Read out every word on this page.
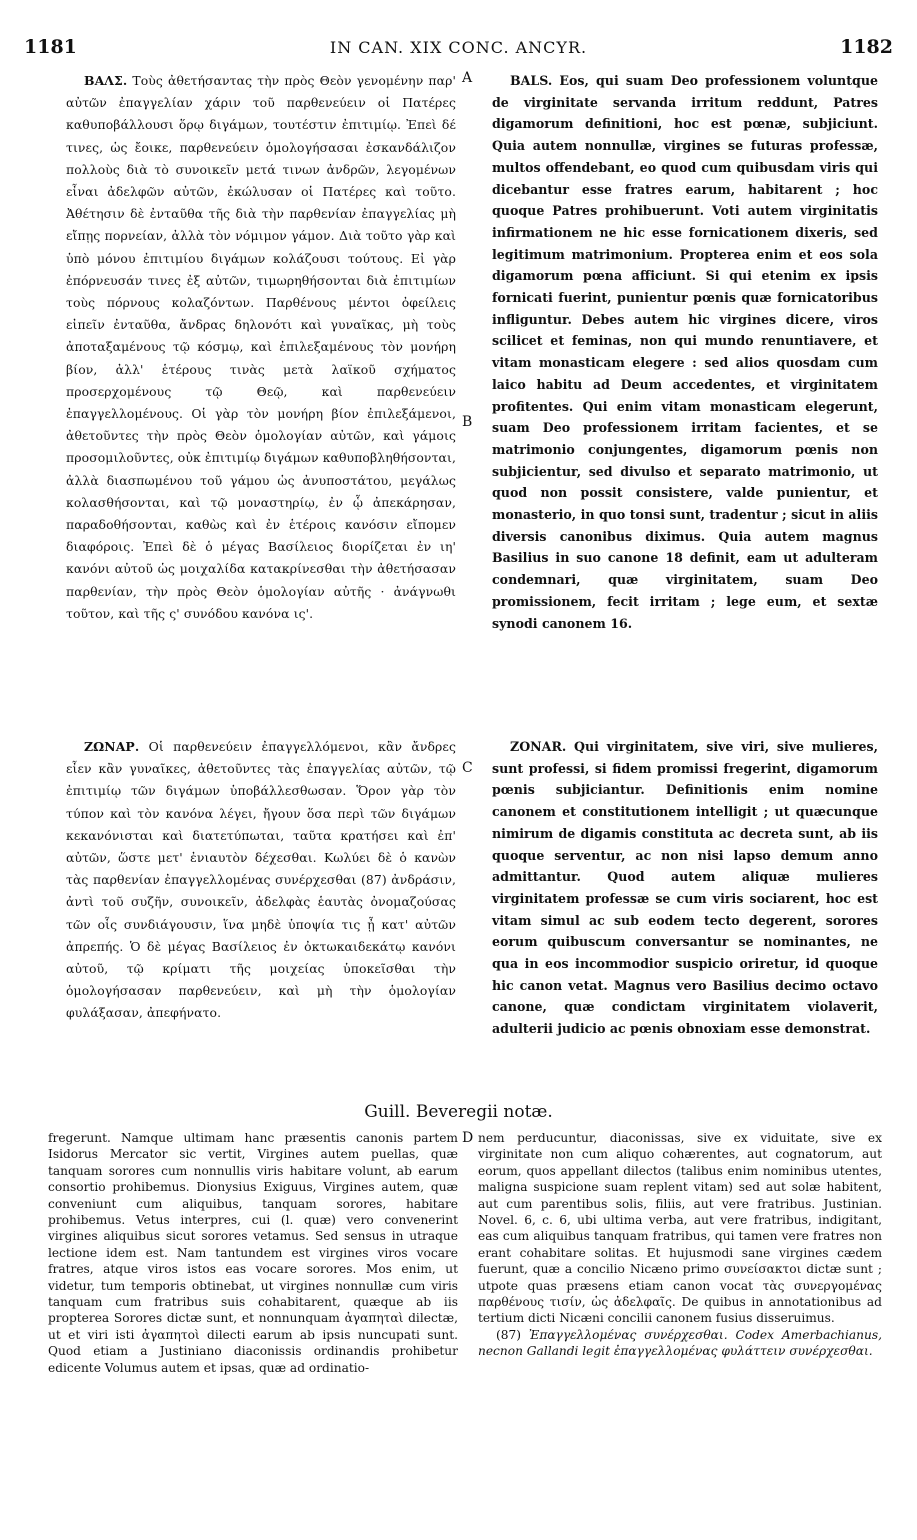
1181	IN CAN. XIX CONC. ANCYR.	1182

ΒΑΛΣ. Τοὺς ἀθετήσαντας τὴν πρὸς Θεὸν γενομένην παρ' αὐτῶν ἐπαγγελίαν χάριν τοῦ παρθενεύειν οἱ Πατέρες καθυποβάλλουσι ὅρῳ διγάμων, τουτέστιν ἐπιτιμίῳ. Ἐπεὶ δέ τινες, ὡς ἔοικε, παρθενεύειν ὁμολογήσασαι ἐσκανδάλιζον πολλοὺς διὰ τὸ συνοικεῖν μετά τινων ἀνδρῶν, λεγομένων εἶναι ἀδελφῶν αὐτῶν, ἐκώλυσαν οἱ Πατέρες καὶ τοῦτο. Ἀθέτησιν δὲ ἐνταῦθα τῆς διὰ τὴν παρθενίαν ἐπαγγελίας μὴ εἴπῃς πορνείαν, ἀλλὰ τὸν νόμιμον γάμον. Διὰ τοῦτο γὰρ καὶ ὑπὸ μόνου ἐπιτιμίου διγάμων κολάζουσι τούτους. Εἰ γὰρ ἐπόρνευσάν τινες ἐξ αὐτῶν, τιμωρηθήσονται διὰ ἐπιτιμίων τοὺς πόρνους κολαζόντων. Παρθένους μέντοι ὀφείλεις εἰπεῖν ἐνταῦθα, ἄνδρας δηλονότι καὶ γυναῖκας, μὴ τοὺς ἀποταξαμένους τῷ κόσμῳ, καὶ ἐπιλεξαμένους τὸν μονήρη βίον, ἀλλ' ἑτέρους τινὰς μετὰ λαϊκοῦ σχήματος προσερχομένους τῷ Θεῷ, καὶ παρθενεύειν ἐπαγγελλομένους. Οἱ γὰρ τὸν μονήρη βίον ἐπιλεξάμενοι, ἀθετοῦντες τὴν πρὸς Θεὸν ὁμολογίαν αὐτῶν, καὶ γάμοις προσομιλοῦντες, οὐκ ἐπιτιμίῳ διγάμων καθυποβληθήσονται, ἀλλὰ διασπωμένου τοῦ γάμου ὡς ἀνυποστάτου, μεγάλως κολασθήσονται, καὶ τῷ μοναστηρίῳ, ἐν ᾧ ἀπεκάρησαν, παραδοθήσονται, καθὼς καὶ ἐν ἑτέροις κανόσιν εἴπομεν διαφόροις. Ἐπεὶ δὲ ὁ μέγας Βασίλειος διορίζεται ἐν ιη' κανόνι αὐτοῦ ὡς μοιχαλίδα κατακρίνεσθαι τὴν ἀθετήσασαν παρθενίαν, τὴν πρὸς Θεὸν ὁμολογίαν αὐτῆς · ἀνάγνωθι τοῦτον, καὶ τῆς ς' συνόδου κανόνα ις'.

ΖΩΝΑΡ. Οἱ παρθενεύειν ἐπαγγελλόμενοι, κἂν ἄνδρες εἶεν κἂν γυναῖκες, ἀθετοῦντες τὰς ἐπαγγελίας αὐτῶν, τῷ ἐπιτιμίῳ τῶν διγάμων ὑποβάλλεσθωσαν. Ὅρον γὰρ τὸν τύπον καὶ τὸν κανόνα λέγει, ἤγουν ὅσα περὶ τῶν διγάμων κεκανόνισται καὶ διατετύπωται, ταῦτα κρατήσει καὶ ἐπ' αὐτῶν, ὥστε μετ' ἐνιαυτὸν δέχεσθαι. Κωλύει δὲ ὁ κανὼν τὰς παρθενίαν ἐπαγγελλομένας συνέρχεσθαι (87) ἀνδράσιν, ἀντὶ τοῦ συζῆν, συνοικεῖν, ἀδελφὰς ἑαυτὰς ὀνομαζούσας τῶν οἷς συνδιάγουσιν, ἵνα μηδὲ ὑποψία τις ᾖ κατ' αὐτῶν ἀπρεπής. Ὁ δὲ μέγας Βασίλειος ἐν ὀκτωκαιδεκάτῳ κανόνι αὐτοῦ, τῷ κρίματι τῆς μοιχείας ὑποκεῖσθαι τὴν ὁμολογήσασαν παρθενεύειν, καὶ μὴ τὴν ὁμολογίαν φυλάξασαν, ἀπεφήνατο.

BALS. Eos, qui suam Deo professionem voluntque de virginitate servanda irritum reddunt, Patres digamorum definitioni, hoc est pœnæ, subjiciunt. Quia autem nonnullæ, virgines se futuras professæ, multos offendebant, eo quod cum quibusdam viris qui dicebantur esse fratres earum, habitarent ; hoc quoque Patres prohibuerunt. Voti autem virginitatis infirmationem ne hic esse fornicationem dixeris, sed legitimum matrimonium. Propterea enim et eos sola digamorum pœna afficiunt. Si qui etenim ex ipsis fornicati fuerint, punientur pœnis quæ fornicatoribus infliguntur. Debes autem hic virgines dicere, viros scilicet et feminas, non qui mundo renuntiavere, et vitam monasticam elegere : sed alios quosdam cum laico habitu ad Deum accedentes, et virginitatem profitentes. Qui enim vitam monasticam elegerunt, suam Deo professionem irritam facientes, et se matrimonio conjungentes, digamorum pœnis non subjicientur, sed divulso et separato matrimonio, ut quod non possit consistere, valde punientur, et monasterio, in quo tonsi sunt, tradentur ; sicut in aliis diversis canonibus diximus. Quia autem magnus Basilius in suo canone 18 definit, eam ut adulteram condemnari, quæ virginitatem, suam Deo promissionem, fecit irritam ; lege eum, et sextæ synodi canonem 16.

ZONAR. Qui virginitatem, sive viri, sive mulieres, sunt professi, si fidem promissi fregerint, digamorum pœnis subjiciantur. Definitionis enim nomine canonem et constitutionem intelligit ; ut quæcunque nimirum de digamis constituta ac decreta sunt, ab iis quoque serventur, ac non nisi lapso demum anno admittantur. Quod autem aliquæ mulieres virginitatem professæ se cum viris sociarent, hoc est vitam simul ac sub eodem tecto degerent, sorores eorum quibuscum conversantur se nominantes, ne qua in eos incommodior suspicio oriretur, id quoque hic canon vetat. Magnus vero Basilius decimo octavo canone, quæ condictam virginitatem violaverit, adulterii judicio ac pœnis obnoxiam esse demonstrat.

A
B
C
D
Guill. Beveregii notæ.

fregerunt. Namque ultimam hanc præsentis canonis partem Isidorus Mercator sic vertit, Virgines autem puellas, quæ tanquam sorores cum nonnullis viris habitare volunt, ab earum consortio prohibemus. Dionysius Exiguus, Virgines autem, quæ conveniunt cum aliquibus, tanquam sorores, habitare prohibemus. Vetus interpres, cui (l. quæ) vero convenerint virgines aliquibus sicut sorores vetamus. Sed sensus in utraque lectione idem est. Nam tantundem est virgines viros vocare fratres, atque viros istos eas vocare sorores. Mos enim, ut videtur, tum temporis obtinebat, ut virgines nonnullæ cum viris tanquam cum fratribus suis cohabitarent, quæque ab iis propterea Sorores dictæ sunt, et nonnunquam ἀγαπηταὶ dilectæ, ut et viri isti ἀγαπητοὶ dilecti earum ab ipsis nuncupati sunt. Quod etiam a Justiniano diaconissis ordinandis prohibetur edicente Volumus autem et ipsas, quæ ad ordinatio-

nem perducuntur, diaconissas, sive ex viduitate, sive ex virginitate non cum aliquo cohærentes, aut cognatorum, aut eorum, quos appellant dilectos (talibus enim nominibus utentes, maligna suspicione suam replent vitam) sed aut solæ habitent, aut cum parentibus solis, filiis, aut vere fratribus. Justinian. Novel. 6, c. 6, ubi ultima verba, aut vere fratribus, indigitant, eas cum aliquibus tanquam fratribus, qui tamen vere fratres non erant cohabitare solitas. Et hujusmodi sane virgines cædem fuerunt, quæ a concilio Nicæno primo συνείσακτοι dictæ sunt ; utpote quas præsens etiam canon vocat τὰς συνεργομένας παρθένους τισίν, ὡς ἀδελφαῖς. De quibus in annotationibus ad tertium dicti Nicæni concilii canonem fusius disseruimus.

(87) Ἐπαγγελλομένας συνέρχεσθαι. Codex Amerbachianus, necnon Gallandi legit ἐπαγγελλομένας φυλάττειν συνέρχεσθαι.
